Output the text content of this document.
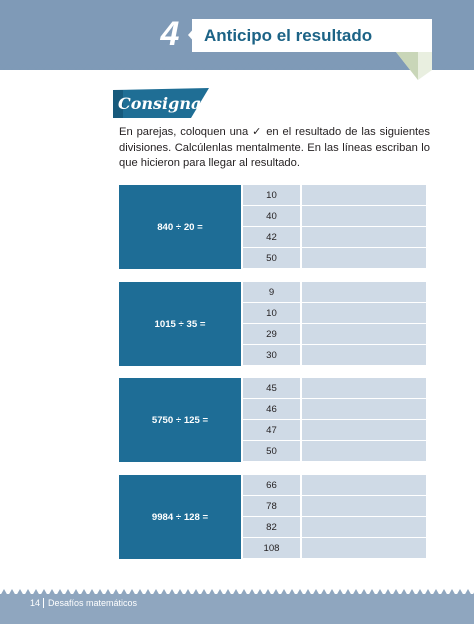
4	Anticipo el resultado
Consigna
En parejas, coloquen una ✓ en el resultado de las siguientes divisiones. Calcúlenlas mentalmente. En las líneas escriban lo que hicieron para llegar al resultado.
840 ÷ 20 =
10
40
42
50
1015 ÷ 35 =
9
10
29
30
5750 ÷ 125 =
45
46
47
50
9984 ÷ 128 =
66
78
82
108
14 Desafíos matemáticos
